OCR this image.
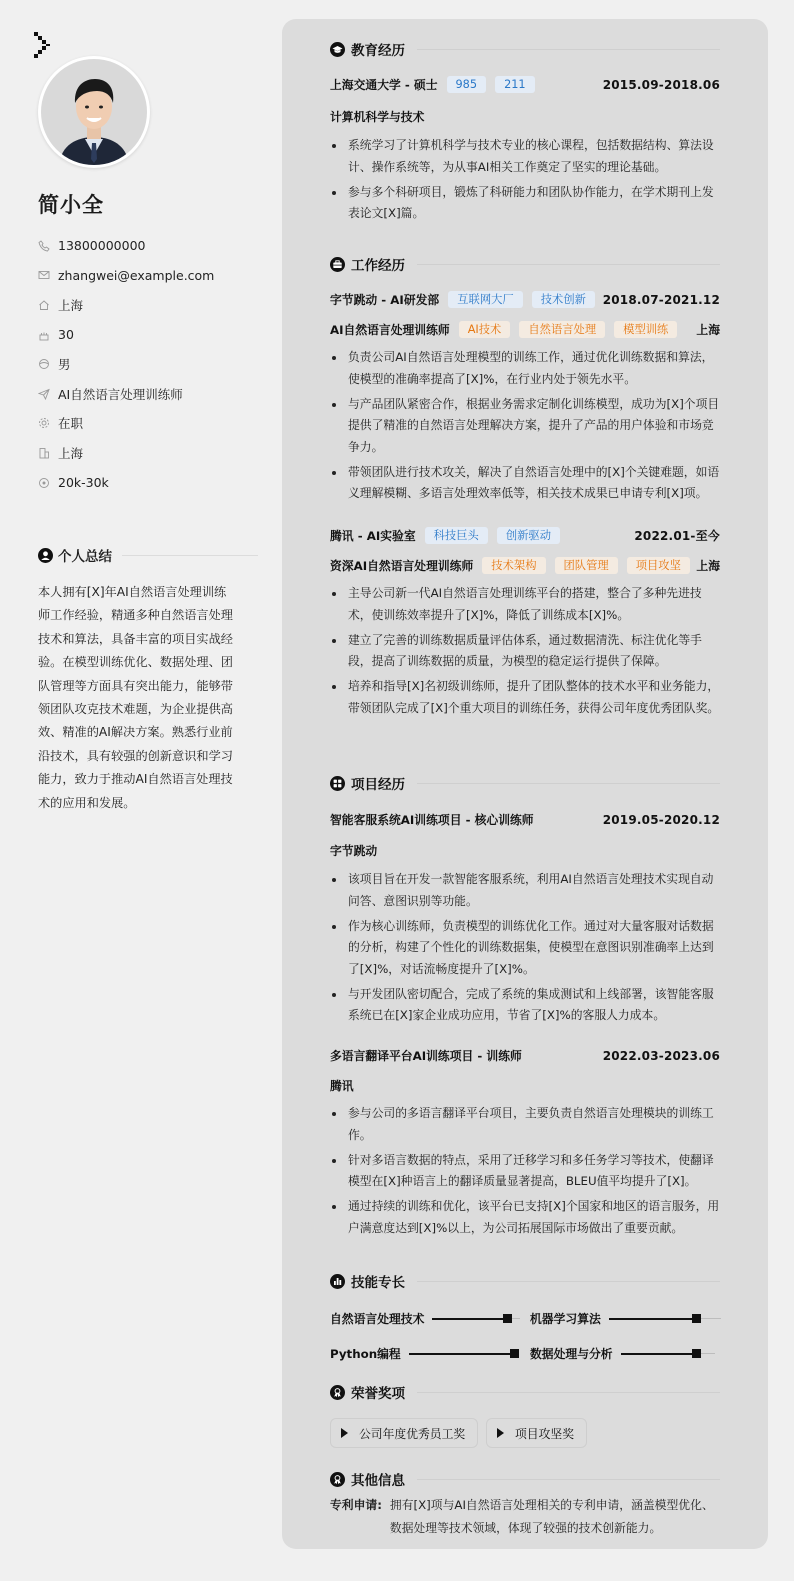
简小全
13800000000
zhangwei@example.com
上海
30
男
AI自然语言处理训练师
在职
上海
20k-30k
个人总结
本人拥有[X]年AI自然语言处理训练师工作经验，精通多种自然语言处理技术和算法，具备丰富的项目实战经验。在模型训练优化、数据处理、团队管理等方面具有突出能力，能够带领团队攻克技术难题，为企业提供高效、精准的AI解决方案。熟悉行业前沿技术，具有较强的创新意识和学习能力，致力于推动AI自然语言处理技术的应用和发展。
教育经历
上海交通大学 - 硕士	985	211	2015.09-2018.06
计算机科学与技术
系统学习了计算机科学与技术专业的核心课程，包括数据结构、算法设计、操作系统等，为从事AI相关工作奠定了坚实的理论基础。
参与多个科研项目，锻炼了科研能力和团队协作能力，在学术期刊上发表论文[X]篇。
工作经历
字节跳动 - AI研发部	互联网大厂	技术创新	2018.07-2021.12
AI自然语言处理训练师	AI技术	自然语言处理	模型训练	上海
负责公司AI自然语言处理模型的训练工作，通过优化训练数据和算法，使模型的准确率提高了[X]%，在行业内处于领先水平。
与产品团队紧密合作，根据业务需求定制化训练模型，成功为[X]个项目提供了精准的自然语言处理解决方案，提升了产品的用户体验和市场竞争力。
带领团队进行技术攻关，解决了自然语言处理中的[X]个关键难题，如语义理解模糊、多语言处理效率低等，相关技术成果已申请专利[X]项。
腾讯 - AI实验室	科技巨头	创新驱动	2022.01-至今
资深AI自然语言处理训练师	技术架构	团队管理	项目攻坚	上海
主导公司新一代AI自然语言处理训练平台的搭建，整合了多种先进技术，使训练效率提升了[X]%，降低了训练成本[X]%。
建立了完善的训练数据质量评估体系，通过数据清洗、标注优化等手段，提高了训练数据的质量，为模型的稳定运行提供了保障。
培养和指导[X]名初级训练师，提升了团队整体的技术水平和业务能力，带领团队完成了[X]个重大项目的训练任务，获得公司年度优秀团队奖。
项目经历
智能客服系统AI训练项目 - 核心训练师	2019.05-2020.12
字节跳动
该项目旨在开发一款智能客服系统，利用AI自然语言处理技术实现自动问答、意图识别等功能。
作为核心训练师，负责模型的训练优化工作。通过对大量客服对话数据的分析，构建了个性化的训练数据集，使模型在意图识别准确率上达到了[X]%，对话流畅度提升了[X]%。
与开发团队密切配合，完成了系统的集成测试和上线部署，该智能客服系统已在[X]家企业成功应用，节省了[X]%的客服人力成本。
多语言翻译平台AI训练项目 - 训练师	2022.03-2023.06
腾讯
参与公司的多语言翻译平台项目，主要负责自然语言处理模块的训练工作。
针对多语言数据的特点，采用了迁移学习和多任务学习等技术，使翻译模型在[X]种语言上的翻译质量显著提高，BLEU值平均提升了[X]。
通过持续的训练和优化，该平台已支持[X]个国家和地区的语言服务，用户满意度达到[X]%以上，为公司拓展国际市场做出了重要贡献。
技能专长
自然语言处理技术	机器学习算法
Python编程	数据处理与分析
荣誉奖项
公司年度优秀员工奖	项目攻坚奖
其他信息
专利申请: 拥有[X]项与AI自然语言处理相关的专利申请，涵盖模型优化、数据处理等技术领域，体现了较强的技术创新能力。
